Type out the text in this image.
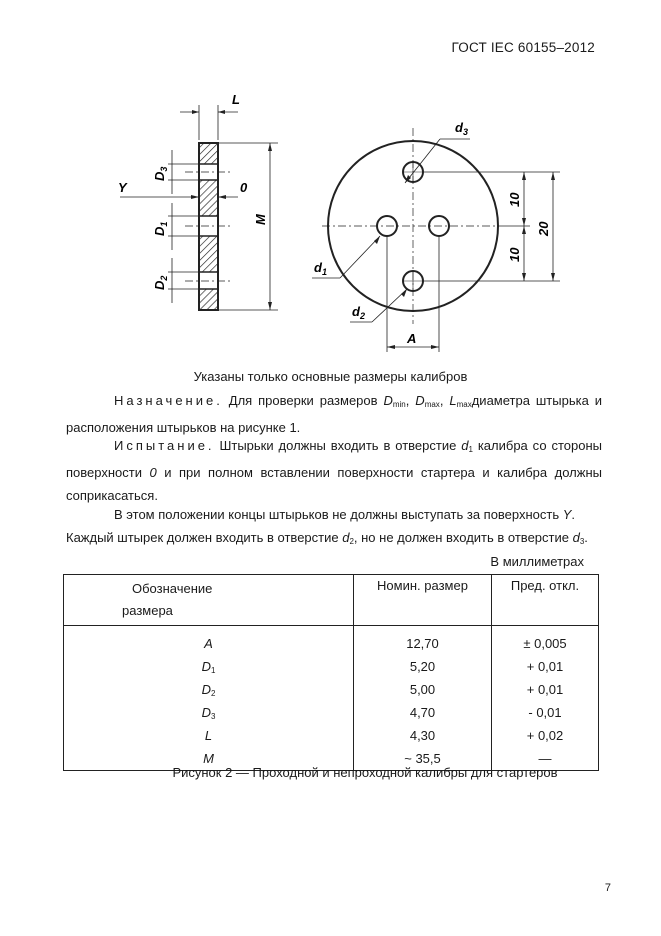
ГОСТ IEC 60155–2012
L
Y	0
M
$D_3$
$D_1$
$D_2$
$d_3$
$d_1$
$d_2$
A
10
10
20
Указаны только основные размеры калибров
Назначение. Для проверки размеров $D_{min}$, $D_{max}$, $L_{max}диаметра$ штырька и расположения штырьков на рисунке 1.
Испытание. Штырьки должны входить в отверстие $d_1$ калибра со стороны поверхности 0 и при полном вставлении поверхности стартера и калибра должны соприкасаться.
В этом положении концы штырьков не должны выступать за поверхность Y.
Каждый штырек должен входить в отверстие $d_2$, но не должен входить в отверстие $d_3$.
В миллиметрах
Обозначение
размера	Номин. размер	Пред. откл.
A	12,70	± 0,005
$D_1$	5,20	+ 0,01
$D_2$	5,00	+ 0,01
$D_3$	4,70	- 0,01
L	4,30	+ 0,02
M	~ 35,5	—
Рисунок 2 — Проходной и непроходной калибры для стартеров
7
